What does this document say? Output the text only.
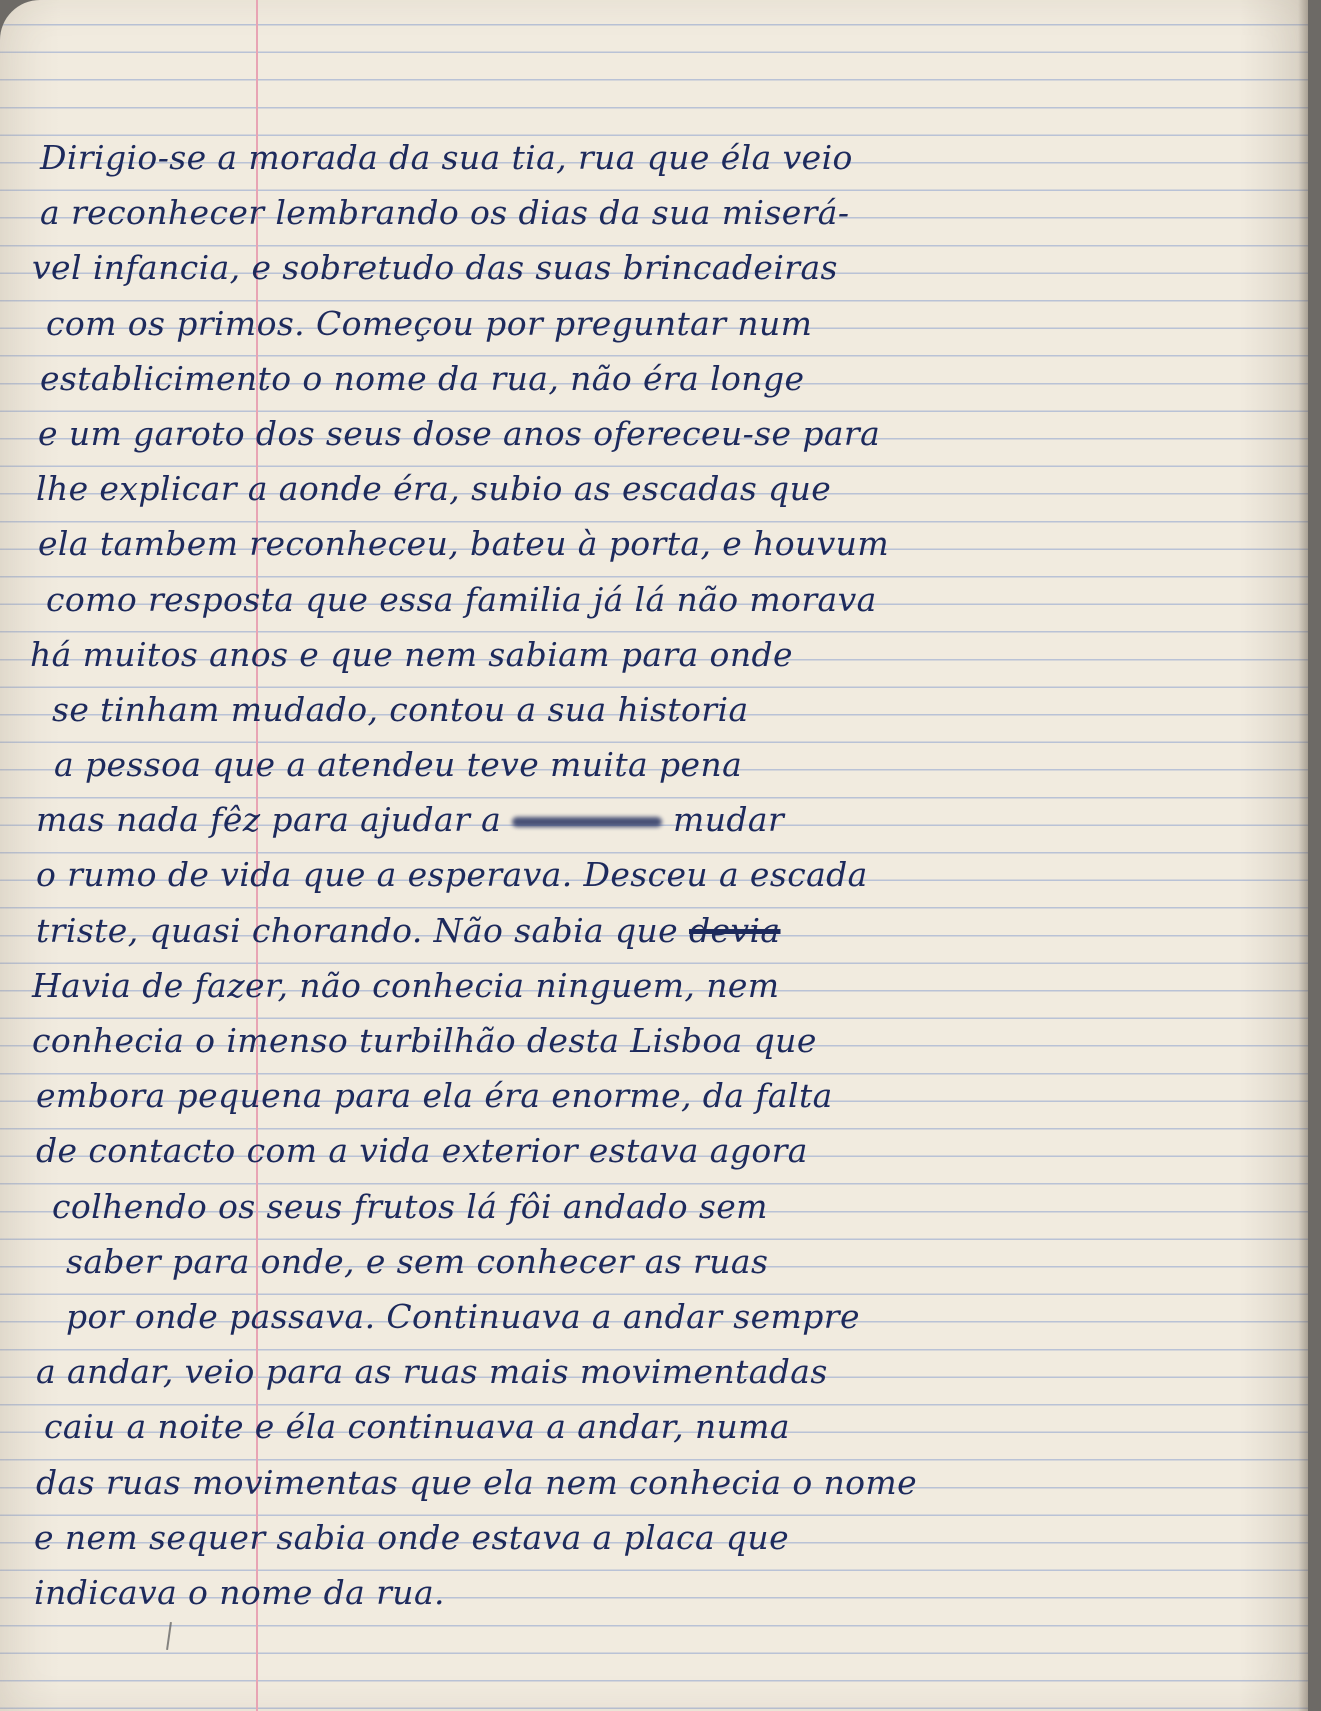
Dirigio-se a morada da sua tia, rua que éla veio
a reconhecer lembrando os dias da sua miserá-
vel infancia, e sobretudo das suas brincadeiras
com os primos. Começou por preguntar num
establicimento o nome da rua, não éra longe
e um garoto dos seus dose anos ofereceu-se para
lhe explicar a aonde éra, subio as escadas que
ela tambem reconheceu, bateu à porta, e houvum
como resposta que essa familia já lá não morava
há muitos anos e que nem sabiam para onde
se tinham mudado, contou a sua historia
a pessoa que a atendeu teve muita pena
mas nada fêz para ajudar a	mudar
o rumo de vida que a esperava. Desceu a escada
triste, quasi chorando. Não sabia que devia
Havia de fazer, não conhecia ninguem, nem
conhecia o imenso turbilhão desta Lisboa que
embora pequena para ela éra enorme, da falta
de contacto com a vida exterior estava agora
colhendo os seus frutos lá fôi andado sem
saber para onde, e sem conhecer as ruas
por onde passava. Continuava a andar sempre
a andar, veio para as ruas mais movimentadas
caiu a noite e éla continuava a andar, numa
das ruas movimentas que ela nem conhecia o nome
e nem sequer sabia onde estava a placa que
indicava o nome da rua.
